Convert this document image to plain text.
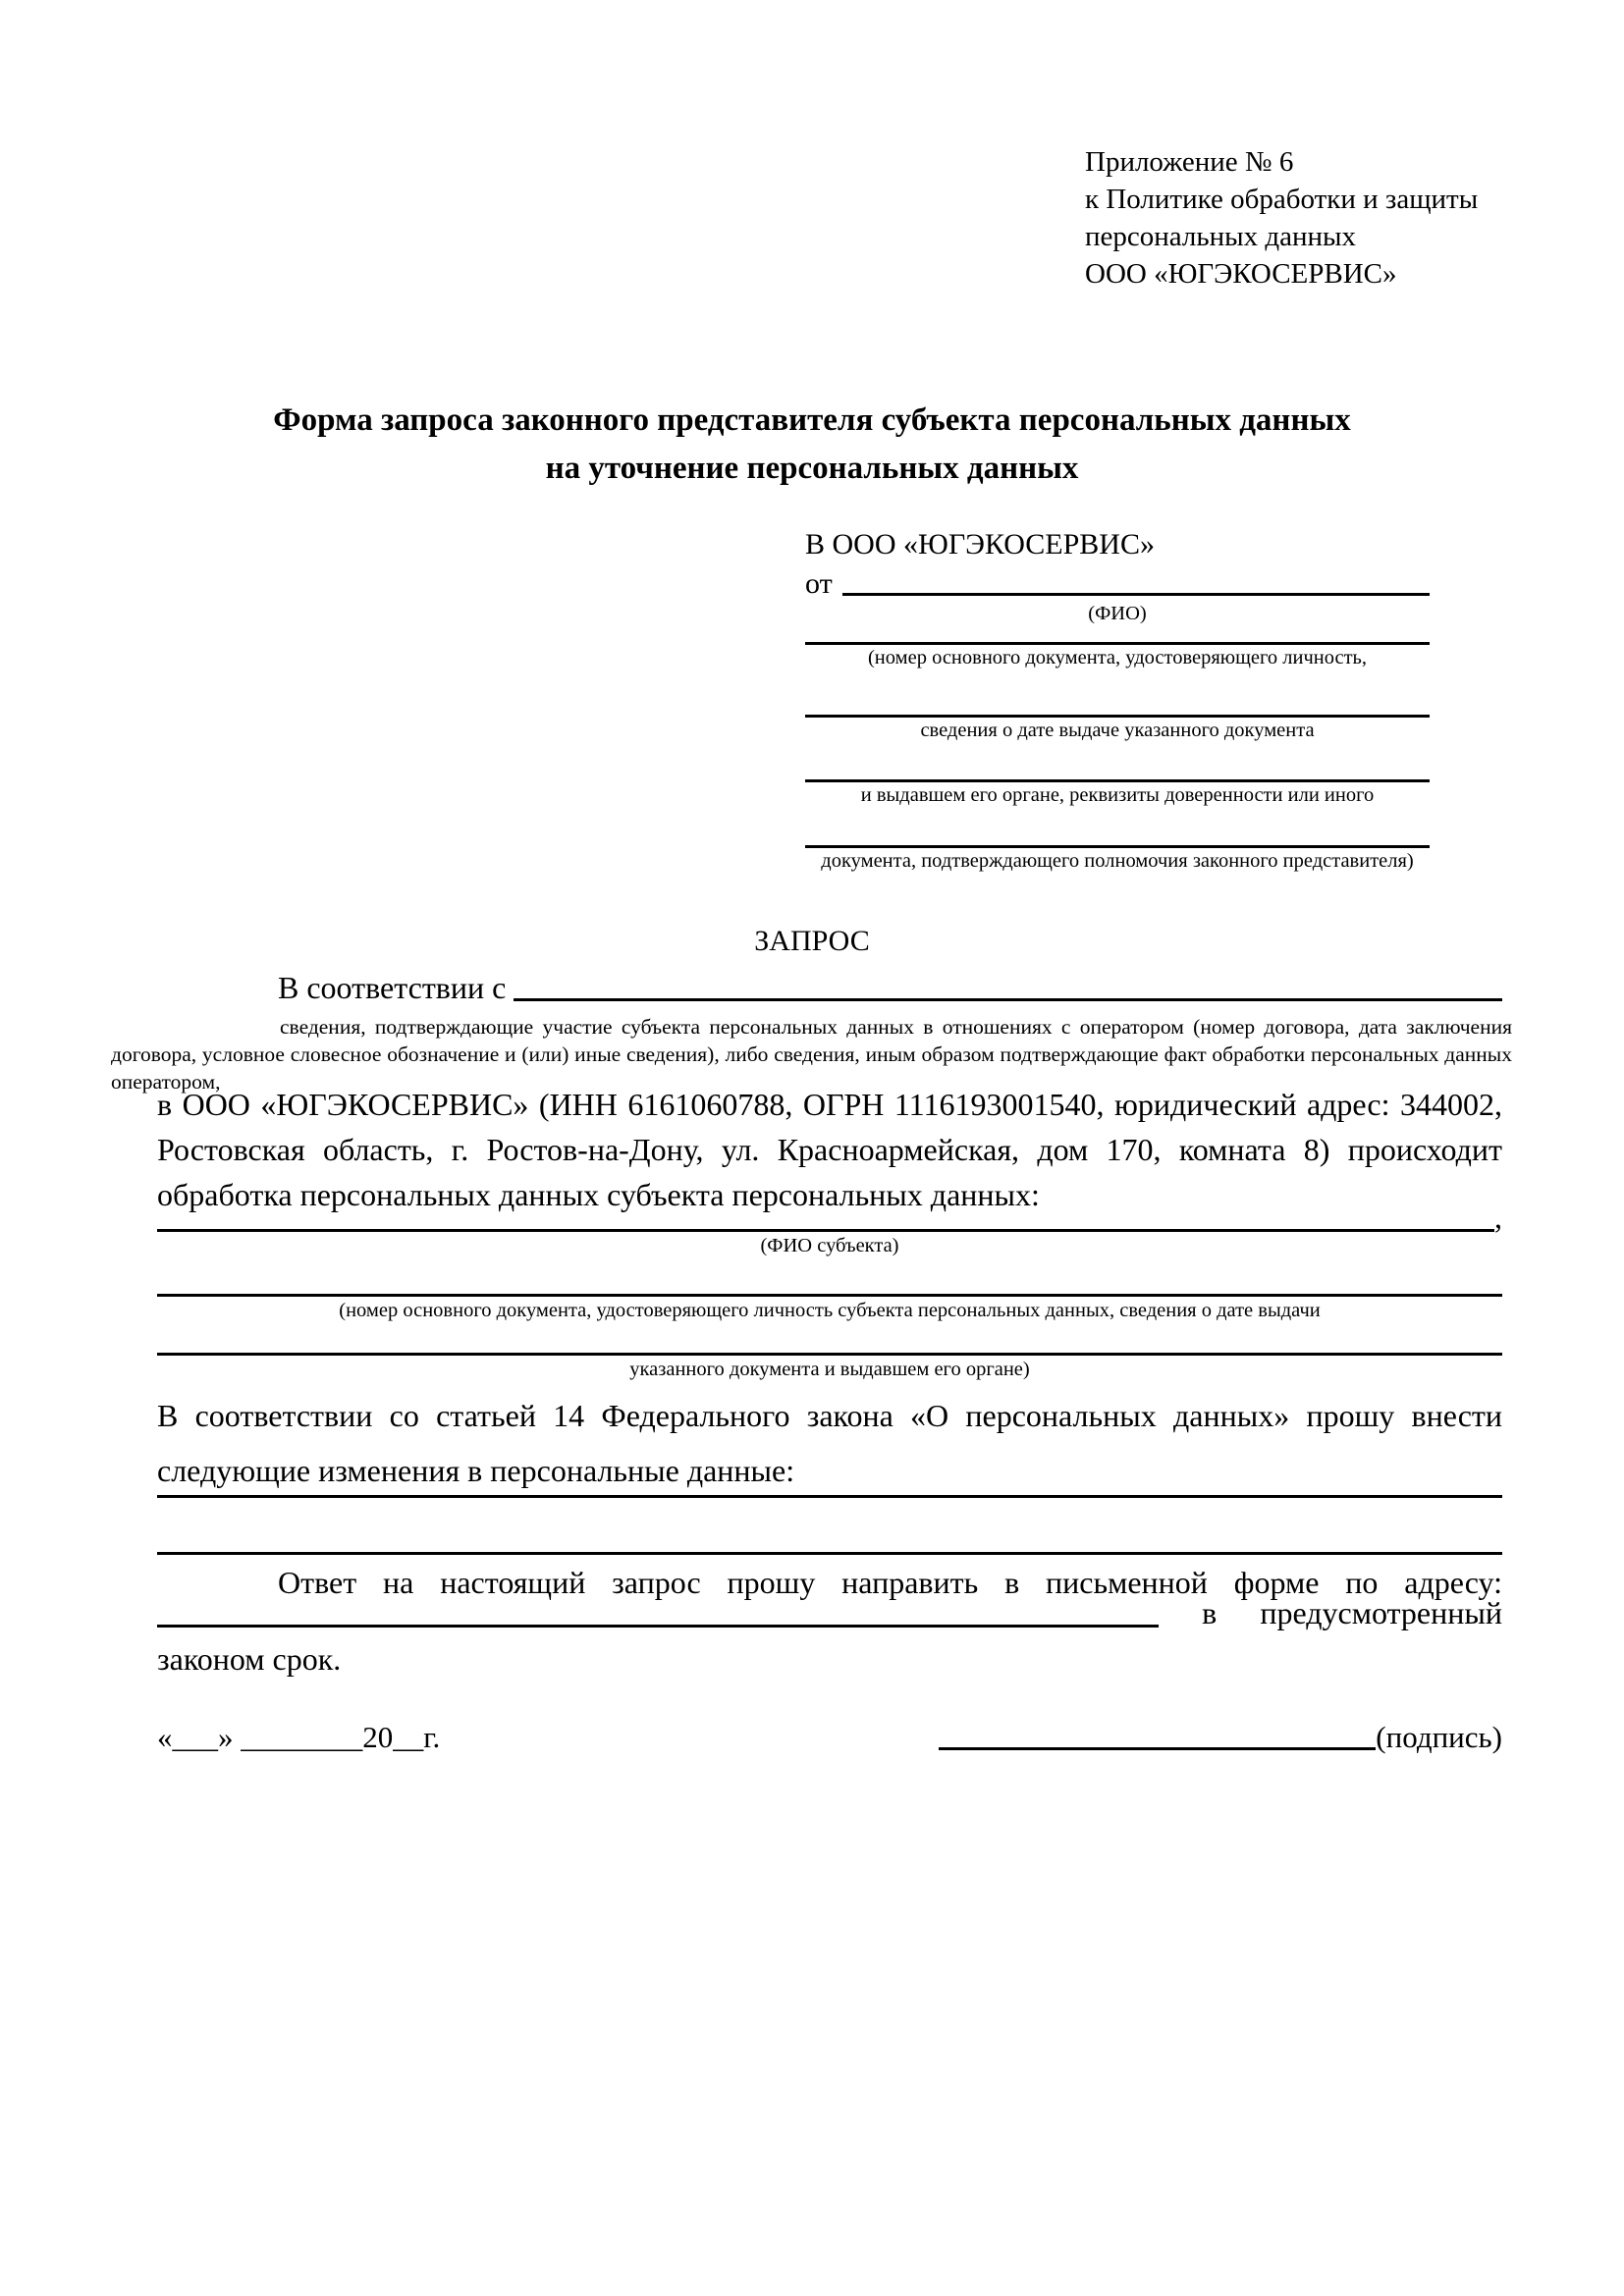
Приложение № 6
к Политике обработки и защиты
персональных данных
ООО «ЮГЭКОСЕРВИС»
Форма запроса законного представителя субъекта персональных данных
на уточнение персональных данных
В ООО «ЮГЭКОСЕРВИС»
от
(ФИО)
(номер основного документа, удостоверяющего личность,
сведения о дате выдаче указанного документа
и выдавшем его органе, реквизиты доверенности или иного
документа, подтверждающего полномочия законного представителя)
ЗАПРОС
В соответствии с
сведения, подтверждающие участие субъекта персональных данных в отношениях с оператором (номер договора, дата заключения договора, условное словесное обозначение и (или) иные сведения), либо сведения, иным образом подтверждающие факт обработки персональных данных оператором,
в ООО «ЮГЭКОСЕРВИС» (ИНН 6161060788, ОГРН 1116193001540, юридический адрес: 344002, Ростовская область, г. Ростов-на-Дону, ул. Красноармейская, дом 170, комната 8) происходит обработка персональных данных субъекта персональных данных:
,
(ФИО субъекта)
(номер основного документа, удостоверяющего личность субъекта персональных данных, сведения о дате выдачи
указанного документа и выдавшем его органе)
В соответствии со статьей 14 Федерального закона «О персональных данных» прошу внести следующие изменения в персональные данные:
Ответ на настоящий запрос прошу направить в письменной форме по адресу:
в предусмотренный
законом срок.
«___» ________20__г.	(подпись)
